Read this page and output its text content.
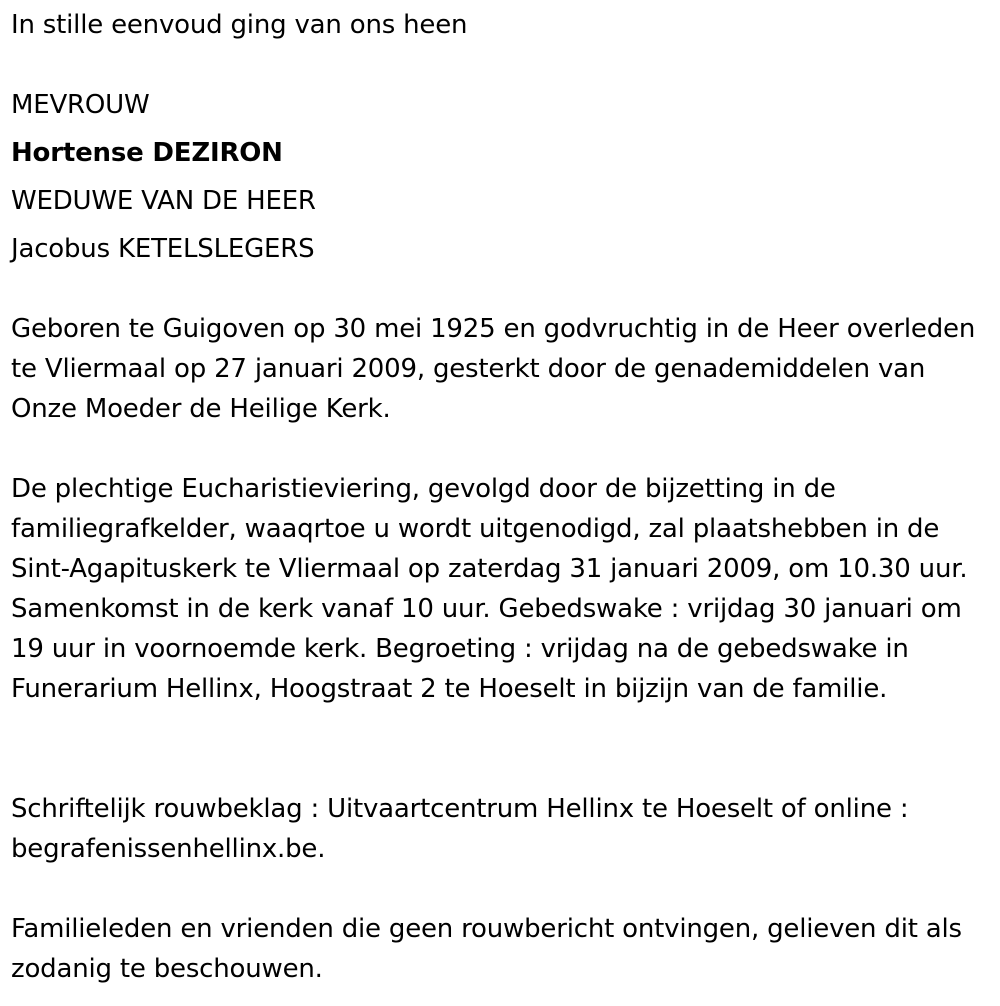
In stille eenvoud ging van ons heen
MEVROUW
Hortense DEZIRON
WEDUWE VAN DE HEER
Jacobus KETELSLEGERS
Geboren te Guigoven op 30 mei 1925 en godvruchtig in de Heer overleden te Vliermaal op 27 januari 2009, gesterkt door de genademiddelen van Onze Moeder de Heilige Kerk.
De plechtige Eucharistieviering, gevolgd door de bijzetting in de familiegrafkelder, waaqrtoe u wordt uitgenodigd, zal plaatshebben in de Sint-Agapituskerk te Vliermaal op zaterdag 31 januari 2009, om 10.30 uur. Samenkomst in de kerk vanaf 10 uur. Gebedswake : vrijdag 30 januari om 19 uur in voornoemde kerk. Begroeting : vrijdag na de gebedswake in Funerarium Hellinx, Hoogstraat 2 te Hoeselt in bijzijn van de familie.
Schriftelijk rouwbeklag : Uitvaartcentrum Hellinx te Hoeselt of online : begrafenissenhellinx.be.
Familieleden en vrienden die geen rouwbericht ontvingen, gelieven dit als zodanig te beschouwen.
